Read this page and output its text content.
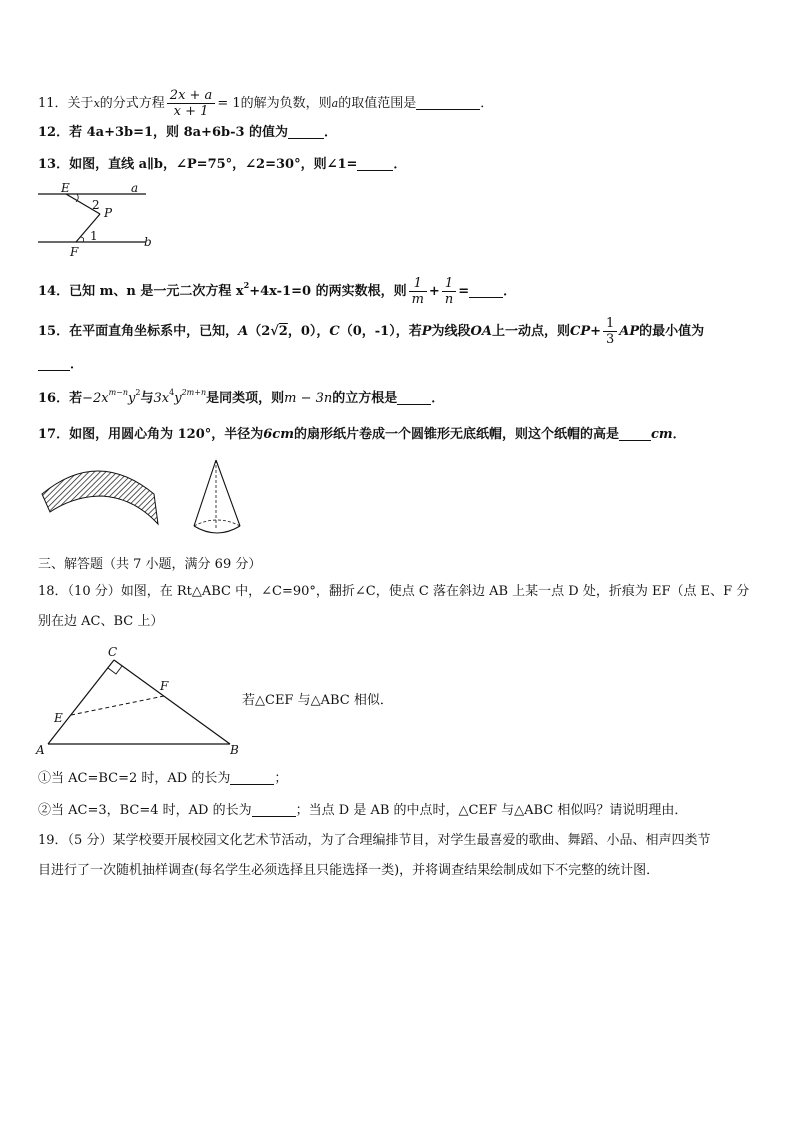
11．关于x的分式方程 $\frac{2x + a}{x + 1} = 1$的解为负数，则a的取值范围是	．
12．若 4a+3b=1，则 8a+6b-3 的值为	．
13．如图，直线 a∥b，∠P=75°，∠2=30°，则∠1=	．
E
2
P
a
1	b
F
14．已知 m、n 是一元二次方程 $x^2+4x-1=0$ 的两实数根，则 $\frac{1}{m} + \frac{1}{n}$ =	．
15．在平面直角坐标系中，已知，A（2√2，0），C（0，-1），若P为线段OA上一动点，则$CP+ \frac{1}{3}$ AP的最小值为
．
16．若$-2x^{m-n}y^2$与$3x^4y^{2m+n}$是同类项，则m − 3n的立方根是	．
17．如图，用圆心角为 120°，半径为6cm的扇形纸片卷成一个圆锥形无底纸帽，则这个纸帽的高是 cm．
三、解答题（共 7 小题，满分 69 分）
18．（10 分）如图，在 Rt△ABC 中，∠C=90°，翻折∠C，使点 C 落在斜边 AB 上某一点 D 处，折痕为 EF（点 E、F 分
别在边 AC、BC 上）
C
F
E
A	B
若△CEF 与△ABC 相似．
①当 AC=BC=2 时，AD 的长为	；
②当 AC=3，BC=4 时，AD 的长为	；当点 D 是 AB 的中点时，△CEF 与△ABC 相似吗？请说明理由．
19．（5 分）某学校要开展校园文化艺术节活动，为了合理编排节目，对学生最喜爱的歌曲、舞蹈、小品、相声四类节
目进行了一次随机抽样调查(每名学生必须选择且只能选择一类)，并将调查结果绘制成如下不完整的统计图．
